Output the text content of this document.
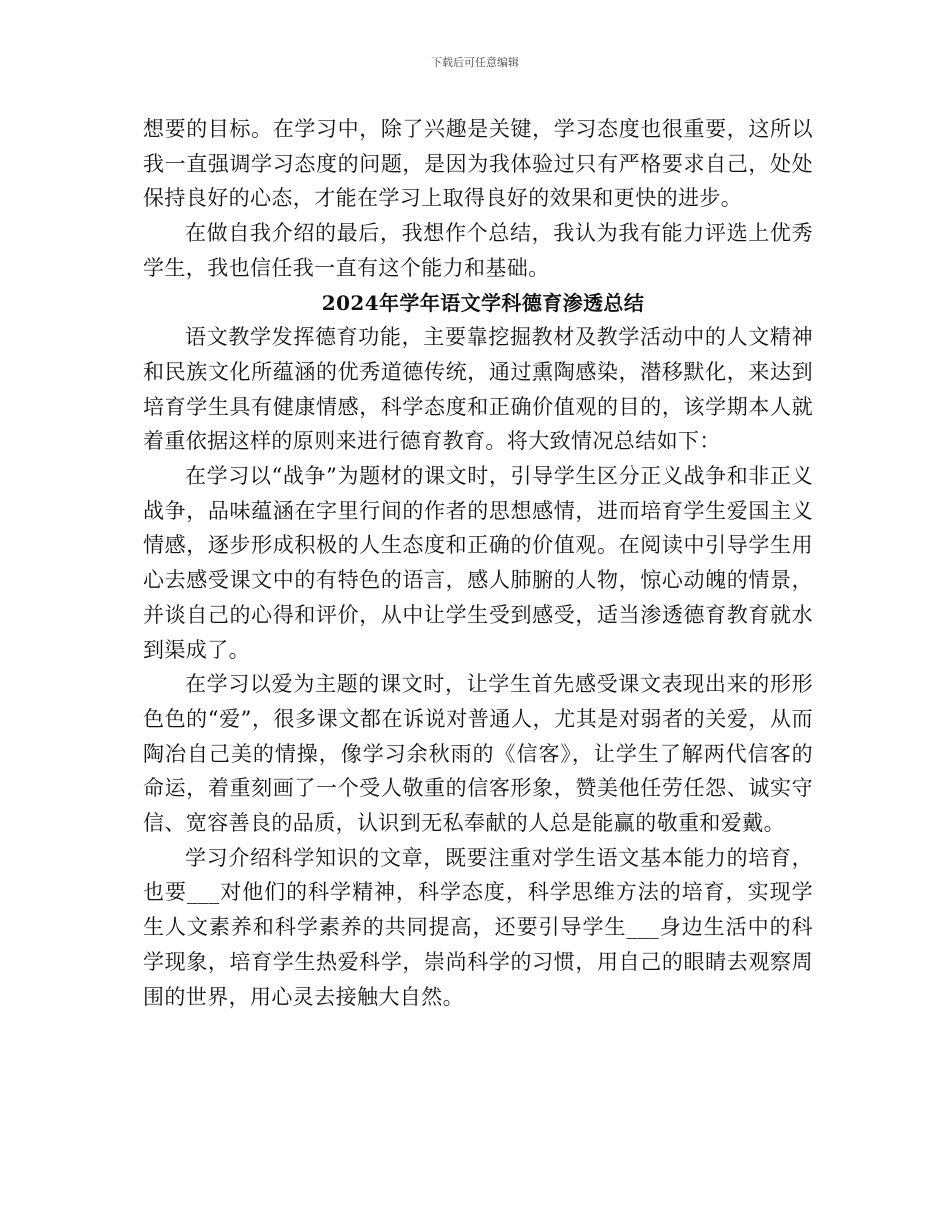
下载后可任意编辑

想要的目标。在学习中，除了兴趣是关键，学习态度也很重要，这所以我一直强调学习态度的问题，是因为我体验过只有严格要求自己，处处保持良好的心态，才能在学习上取得良好的效果和更快的进步。

在做自我介绍的最后，我想作个总结，我认为我有能力评选上优秀学生，我也信任我一直有这个能力和基础。

2024年学年语文学科德育渗透总结

语文教学发挥德育功能，主要靠挖掘教材及教学活动中的人文精神和民族文化所蕴涵的优秀道德传统，通过熏陶感染，潜移默化，来达到培育学生具有健康情感，科学态度和正确价值观的目的，该学期本人就着重依据这样的原则来进行德育教育。将大致情况总结如下：

在学习以“战争”为题材的课文时，引导学生区分正义战争和非正义战争，品味蕴涵在字里行间的作者的思想感情，进而培育学生爱国主义情感，逐步形成积极的人生态度和正确的价值观。在阅读中引导学生用心去感受课文中的有特色的语言，感人肺腑的人物，惊心动魄的情景，并谈自己的心得和评价，从中让学生受到感受，适当渗透德育教育就水到渠成了。

在学习以爱为主题的课文时，让学生首先感受课文表现出来的形形色色的“爱”，很多课文都在诉说对普通人，尤其是对弱者的关爱，从而陶冶自己美的情操，像学习余秋雨的《信客》，让学生了解两代信客的命运，着重刻画了一个受人敬重的信客形象，赞美他任劳任怨、诚实守信、宽容善良的品质，认识到无私奉献的人总是能赢的敬重和爱戴。

学习介绍科学知识的文章，既要注重对学生语文基本能力的培育，也要___对他们的科学精神，科学态度，科学思维方法的培育，实现学生人文素养和科学素养的共同提高，还要引导学生___身边生活中的科学现象，培育学生热爱科学，崇尚科学的习惯，用自己的眼睛去观察周围的世界，用心灵去接触大自然。
